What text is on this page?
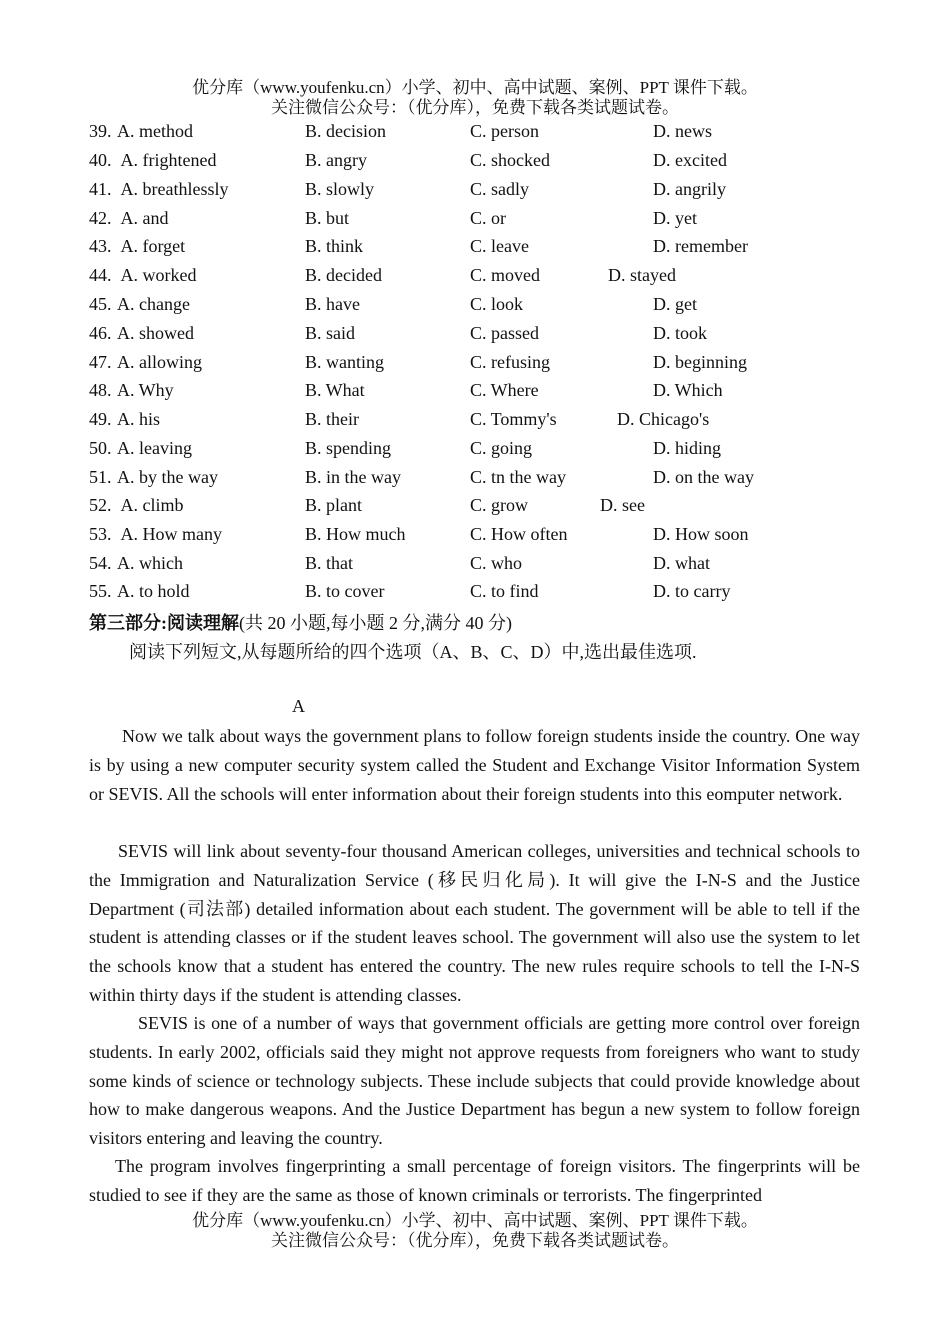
优分库（www.youfenku.cn）小学、初中、高中试题、案例、PPT 课件下载。
关注微信公众号：（优分库），免费下载各类试题试卷。
39. A. method	B. decision	C. person	D. news
40. A. frightened	B. angry	C. shocked	D. excited
41. A. breathlessly	B. slowly	C. sadly	D. angrily
42. A. and	B. but	C. or	D. yet
43. A. forget	B. think	C. leave	D. remember
44. A. worked	B. decided	C. moved	D. stayed
45. A. change	B. have	C. look	D. get
46. A. showed	B. said	C. passed	D. took
47. A. allowing	B. wanting	C. refusing	D. beginning
48. A. Why	B. What	C. Where	D. Which
49. A. his	B. their	C. Tommy's	D. Chicago's
50. A. leaving	B. spending	C. going	D. hiding
51. A. by the way	B. in the way	C. tn the way	D. on the way
52. A. climb	B. plant	C. grow	D. see
53. A. How many	B. How much	C. How often	D. How soon
54. A. which	B. that	C. who	D. what
55. A. to hold	B. to cover	C. to find	D. to carry
第三部分:阅读理解(共 20 小题,每小题 2 分,满分 40 分)
阅读下列短文,从每题所给的四个选项（A、B、C、D）中,选出最佳选项.
A
Now we talk about ways the government plans to follow foreign students inside the country. One way is by using a new computer security system called the Student and Exchange Visitor Information System or SEVIS. All the schools will enter information about their foreign students into this eomputer network.
SEVIS will link about seventy-four thousand American colleges, universities and technical schools to the Immigration and Naturalization Service (移民归化局). It will give the I-N-S and the Justice Department (司法部) detailed information about each student. The government will be able to tell if the student is attending classes or if the student leaves school. The government will also use the system to let the schools know that a student has entered the country. The new rules require schools to tell the I-N-S within thirty days if the student is attending classes.
SEVIS is one of a number of ways that government officials are getting more control over foreign students. In early 2002, officials said they might not approve requests from foreigners who want to study some kinds of science or technology subjects. These include subjects that could provide knowledge about how to make dangerous weapons. And the Justice Department has begun a new system to follow foreign visitors entering and leaving the country.
The program involves fingerprinting a small percentage of foreign visitors. The fingerprints will be studied to see if they are the same as those of known criminals or terrorists. The fingerprinted
优分库（www.youfenku.cn）小学、初中、高中试题、案例、PPT 课件下载。
关注微信公众号：（优分库），免费下载各类试题试卷。
